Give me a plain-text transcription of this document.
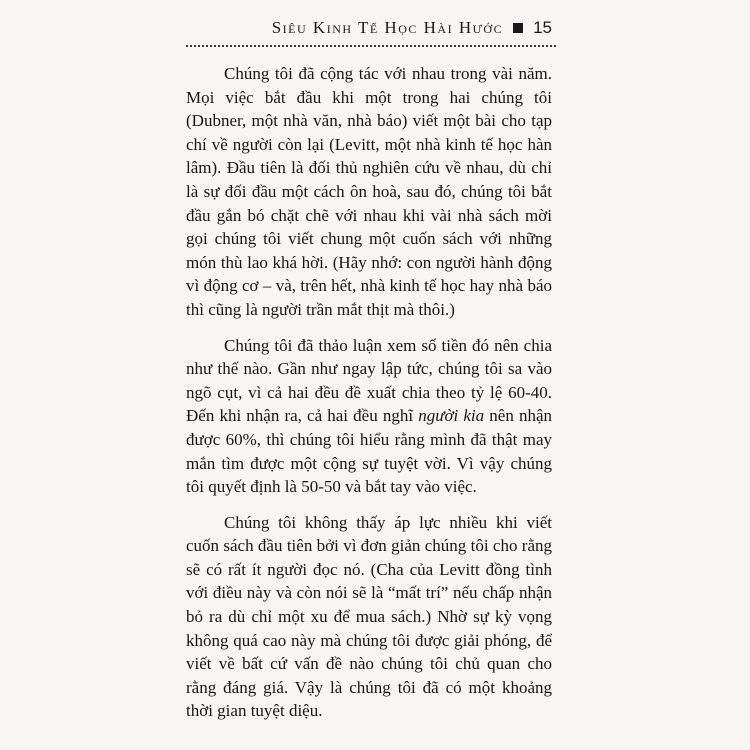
Siêu Kinh Tế Học Hài Hước 15

Chúng tôi đã cộng tác với nhau trong vài năm. Mọi việc bắt đầu khi một trong hai chúng tôi (Dubner, một nhà văn, nhà báo) viết một bài cho tạp chí về người còn lại (Levitt, một nhà kinh tế học hàn lâm). Đầu tiên là đối thủ nghiên cứu về nhau, dù chỉ là sự đối đầu một cách ôn hoà, sau đó, chúng tôi bắt đầu gắn bó chặt chẽ với nhau khi vài nhà sách mời gọi chúng tôi viết chung một cuốn sách với những món thù lao khá hời. (Hãy nhớ: con người hành động vì động cơ – và, trên hết, nhà kinh tế học hay nhà báo thì cũng là người trần mắt thịt mà thôi.)

Chúng tôi đã thảo luận xem số tiền đó nên chia như thế nào. Gần như ngay lập tức, chúng tôi sa vào ngõ cụt, vì cả hai đều đề xuất chia theo tỷ lệ 60-40. Đến khi nhận ra, cả hai đều nghĩ người kia nên nhận được 60%, thì chúng tôi hiểu rằng mình đã thật may mắn tìm được một cộng sự tuyệt vời. Vì vậy chúng tôi quyết định là 50-50 và bắt tay vào việc.

Chúng tôi không thấy áp lực nhiều khi viết cuốn sách đầu tiên bởi vì đơn giản chúng tôi cho rằng sẽ có rất ít người đọc nó. (Cha của Levitt đồng tình với điều này và còn nói sẽ là “mất trí” nếu chấp nhận bỏ ra dù chỉ một xu để mua sách.) Nhờ sự kỳ vọng không quá cao này mà chúng tôi được giải phóng, để viết về bất cứ vấn đề nào chúng tôi chủ quan cho rằng đáng giá. Vậy là chúng tôi đã có một khoảng thời gian tuyệt diệu.
